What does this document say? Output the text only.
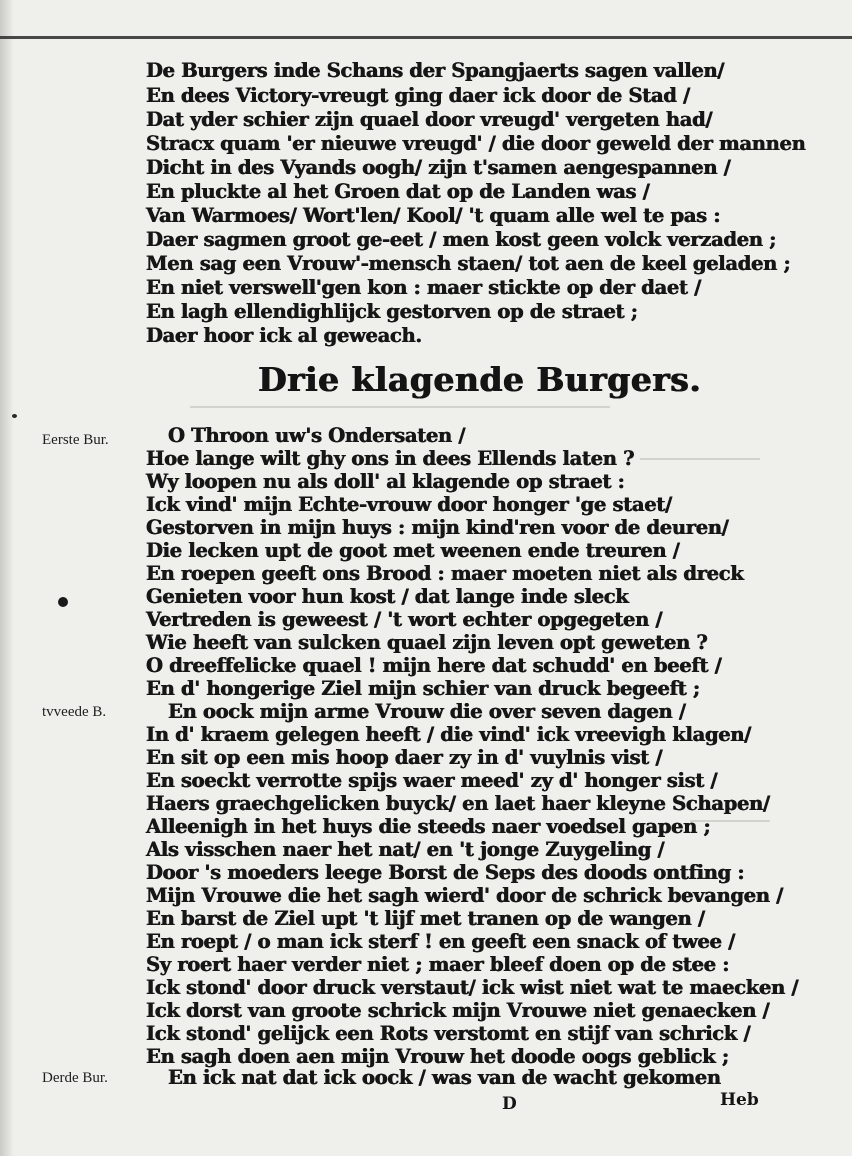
De Burgers inde Schans der Spangjaerts sagen vallen/
En dees Victory-vreugt ging daer ick door de Stad /
Dat yder schier zijn quael door vreugd' vergeten had/
Stracx quam 'er nieuwe vreugd' / die door geweld der mannen
Dicht in des Vyands oogh/ zijn t'samen aengespannen /
En pluckte al het Groen dat op de Landen was /
Van Warmoes/ Wort'len/ Kool/ 't quam alle wel te pas :
Daer sagmen groot ge-eet / men kost geen volck verzaden ;
Men sag een Vrouw'-mensch staen/ tot aen de keel geladen ;
En niet verswell'gen kon : maer stickte op der daet /
En lagh ellendighlijck gestorven op de straet ;
Daer hoor ick al geweach.
Drie klagende Burgers.
Eerste Bur.
tvveede B.
Derde Bur.
O Throon uw's Ondersaten /
Hoe lange wilt ghy ons in dees Ellends laten ?
Wy loopen nu als doll' al klagende op straet :
Ick vind' mijn Echte-vrouw door honger 'ge staet/
Gestorven in mijn huys : mijn kind'ren voor de deuren/
Die lecken upt de goot met weenen ende treuren /
En roepen geeft ons Brood : maer moeten niet als dreck
Genieten voor hun kost / dat lange inde sleck
Vertreden is geweest / 't wort echter opgegeten /
Wie heeft van sulcken quael zijn leven opt geweten ?
O dreeffelicke quael ! mijn here dat schudd' en beeft /
En d' hongerige Ziel mijn schier van druck begeeft ;
En oock mijn arme Vrouw die over seven dagen /
In d' kraem gelegen heeft / die vind' ick vreevigh klagen/
En sit op een mis hoop daer zy in d' vuylnis vist /
En soeckt verrotte spijs waer meed' zy d' honger sist /
Haers graechgelicken buyck/ en laet haer kleyne Schapen/
Alleenigh in het huys die steeds naer voedsel gapen ;
Als visschen naer het nat/ en 't jonge Zuygeling /
Door 's moeders leege Borst de Seps des doods ontfing :
Mijn Vrouwe die het sagh wierd' door de schrick bevangen /
En barst de Ziel upt 't lijf met tranen op de wangen /
En roept / o man ick sterf ! en geeft een snack of twee /
Sy roert haer verder niet ; maer bleef doen op de stee :
Ick stond' door druck verstaut/ ick wist niet wat te maecken /
Ick dorst van groote schrick mijn Vrouwe niet genaecken /
Ick stond' gelijck een Rots verstomt en stijf van schrick /
En sagh doen aen mijn Vrouw het doode oogs geblick ;
En ick nat dat ick oock / was van de wacht gekomen
D	Heb
